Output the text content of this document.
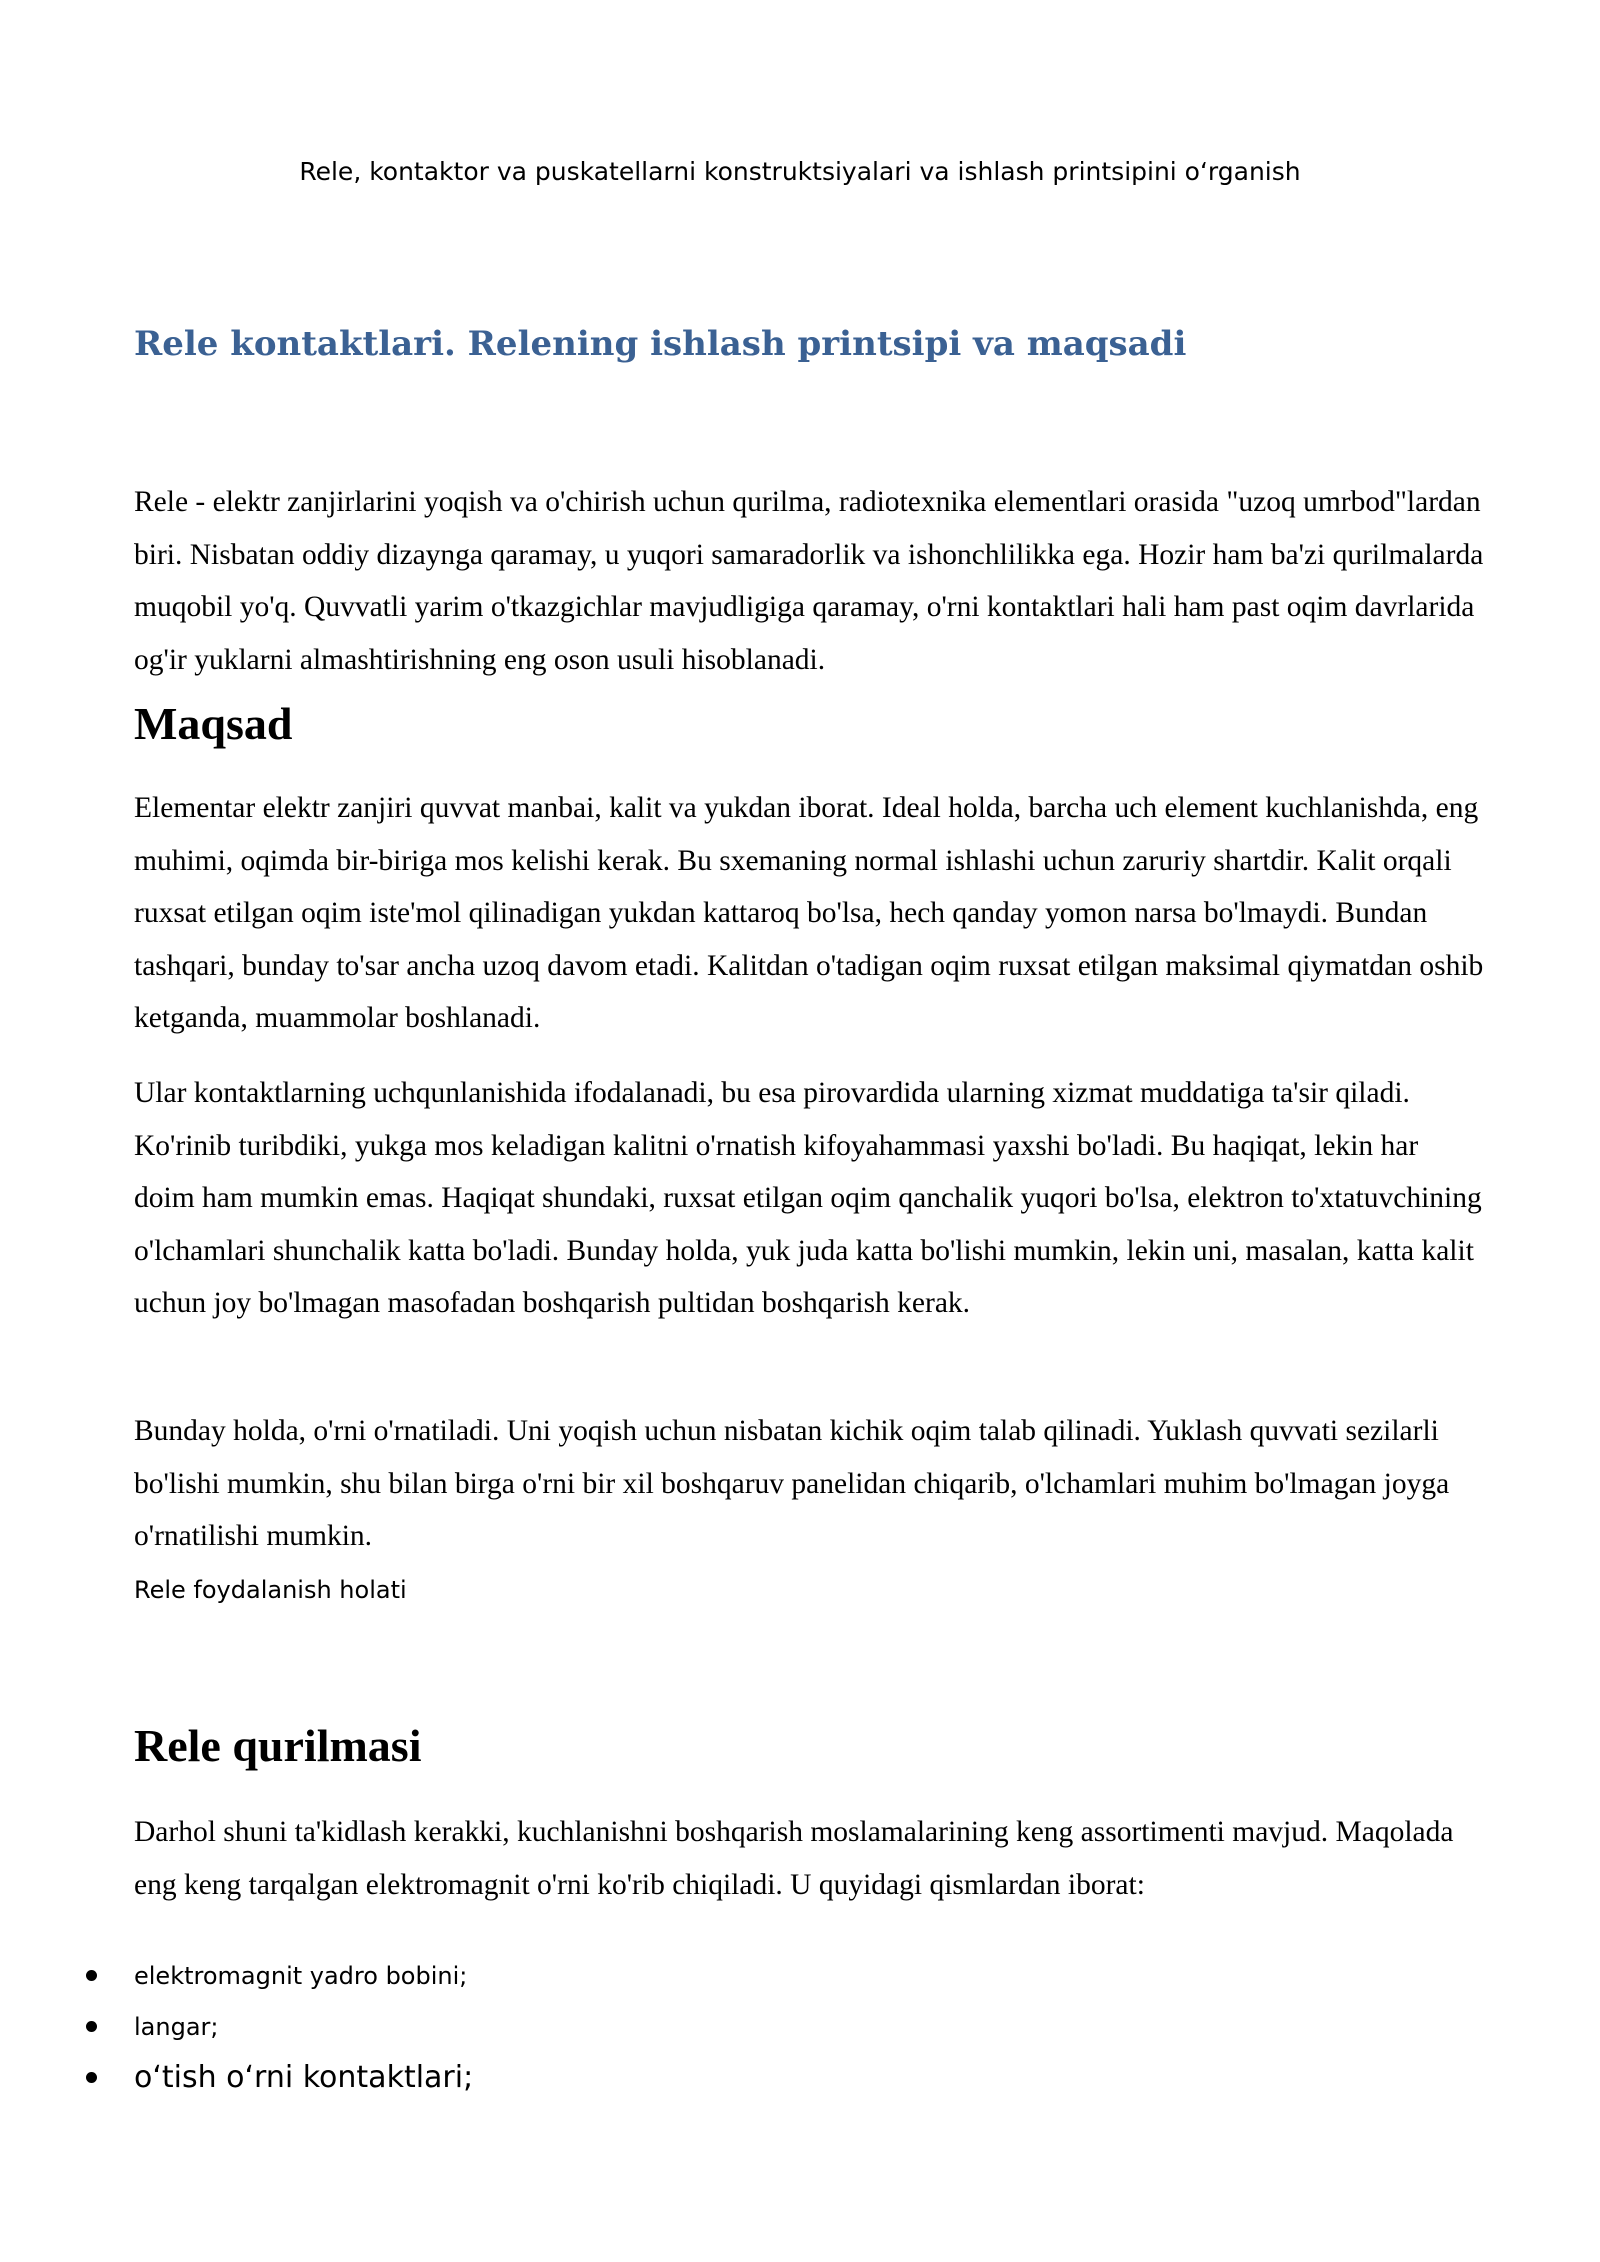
Rele, kontaktor va puskatellarni konstruktsiyalari va ishlash printsipini oʻrganish
Rele kontaktlari. Relening ishlash printsipi va maqsadi

Rele - elektr zanjirlarini yoqish va o'chirish uchun qurilma, radiotexnika elementlari orasida "uzoq umrbod"lardan biri. Nisbatan oddiy dizaynga qaramay, u yuqori samaradorlik va ishonchlilikka ega. Hozir ham ba'zi qurilmalarda muqobil yo'q. Quvvatli yarim o'tkazgichlar mavjudligiga qaramay, o'rni kontaktlari hali ham past oqim davrlarida og'ir yuklarni almashtirishning eng oson usuli hisoblanadi.

Maqsad

Elementar elektr zanjiri quvvat manbai, kalit va yukdan iborat. Ideal holda, barcha uch element kuchlanishda, eng muhimi, oqimda bir-biriga mos kelishi kerak. Bu sxemaning normal ishlashi uchun zaruriy shartdir. Kalit orqali ruxsat etilgan oqim iste'mol qilinadigan yukdan kattaroq bo'lsa, hech qanday yomon narsa bo'lmaydi. Bundan tashqari, bunday to'sar ancha uzoq davom etadi. Kalitdan o'tadigan oqim ruxsat etilgan maksimal qiymatdan oshib ketganda, muammolar boshlanadi.

Ular kontaktlarning uchqunlanishida ifodalanadi, bu esa pirovardida ularning xizmat muddatiga ta'sir qiladi. Ko'rinib turibdiki, yukga mos keladigan kalitni o'rnatish kifoyahammasi yaxshi bo'ladi. Bu haqiqat, lekin har doim ham mumkin emas. Haqiqat shundaki, ruxsat etilgan oqim qanchalik yuqori bo'lsa, elektron to'xtatuvchining o'lchamlari shunchalik katta bo'ladi. Bunday holda, yuk juda katta bo'lishi mumkin, lekin uni, masalan, katta kalit uchun joy bo'lmagan masofadan boshqarish pultidan boshqarish kerak.

Bunday holda, o'rni o'rnatiladi. Uni yoqish uchun nisbatan kichik oqim talab qilinadi. Yuklash quvvati sezilarli bo'lishi mumkin, shu bilan birga o'rni bir xil boshqaruv panelidan chiqarib, o'lchamlari muhim bo'lmagan joyga o'rnatilishi mumkin.

Rele foydalanish holati
Rele qurilmasi

Darhol shuni ta'kidlash kerakki, kuchlanishni boshqarish moslamalarining keng assortimenti mavjud. Maqolada eng keng tarqalgan elektromagnit o'rni ko'rib chiqiladi. U quyidagi qismlardan iborat:

elektromagnit yadro bobini;
langar;
oʻtish oʻrni kontaktlari;
